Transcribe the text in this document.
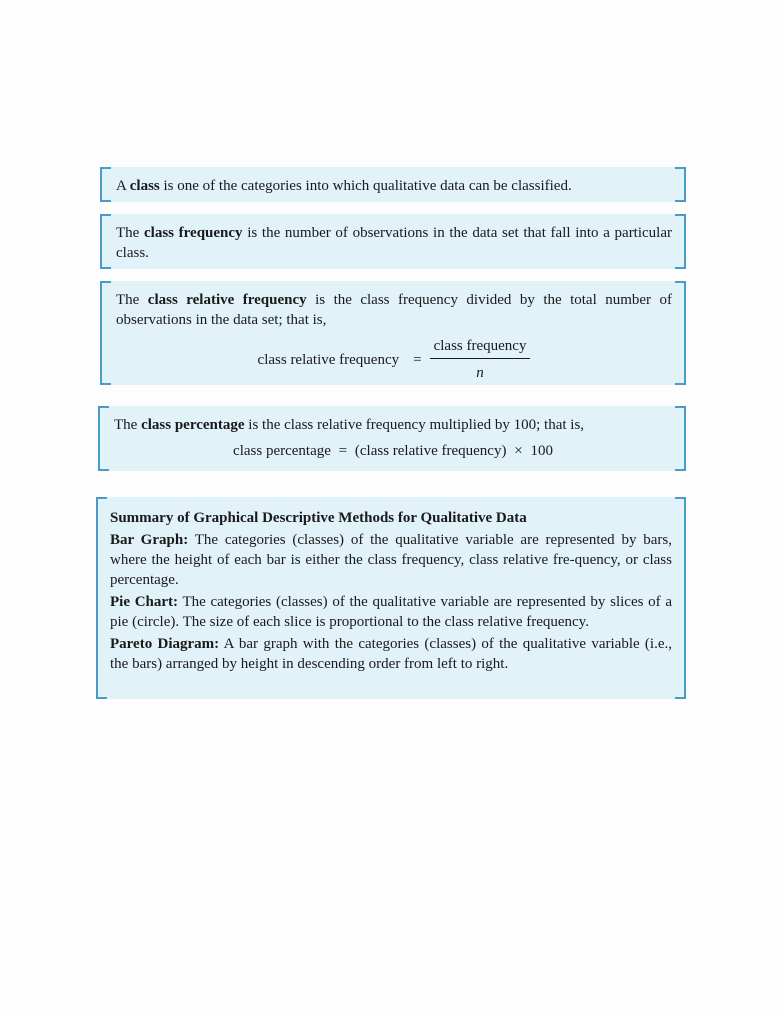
A class is one of the categories into which qualitative data can be classified.

The class frequency is the number of observations in the data set that fall into a particular class.

The class relative frequency is the class frequency divided by the total number of observations in the data set; that is,

class relative frequency = $\frac{\text{class frequency}}{n}$

The class percentage is the class relative frequency multiplied by 100; that is,

class percentage = (class relative frequency) × 100

Summary of Graphical Descriptive Methods for Qualitative Data

Bar Graph: The categories (classes) of the qualitative variable are represented by bars, where the height of each bar is either the class frequency, class relative fre-quency, or class percentage.

Pie Chart: The categories (classes) of the qualitative variable are represented by slices of a pie (circle). The size of each slice is proportional to the class relative frequency.

Pareto Diagram: A bar graph with the categories (classes) of the qualitative variable (i.e., the bars) arranged by height in descending order from left to right.
